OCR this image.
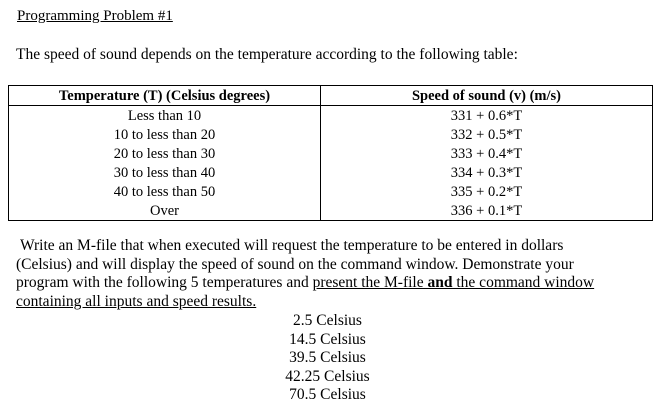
Programming Problem #1
The speed of sound depends on the temperature according to the following table:
Temperature (T) (Celsius degrees)	Speed of sound (v) (m/s)
Less than 10	331 + 0.6*T
10 to less than 20	332 + 0.5*T
20 to less than 30	333 + 0.4*T
30 to less than 40	334 + 0.3*T
40 to less than 50	335 + 0.2*T
Over	336 + 0.1*T
Write an M-file that when executed will request the temperature to be entered in dollars
(Celsius) and will display the speed of sound on the command window. Demonstrate your
program with the following 5 temperatures and present the M-file and the command window
containing all inputs and speed results.
2.5 Celsius
14.5 Celsius
39.5 Celsius
42.25 Celsius
70.5 Celsius
